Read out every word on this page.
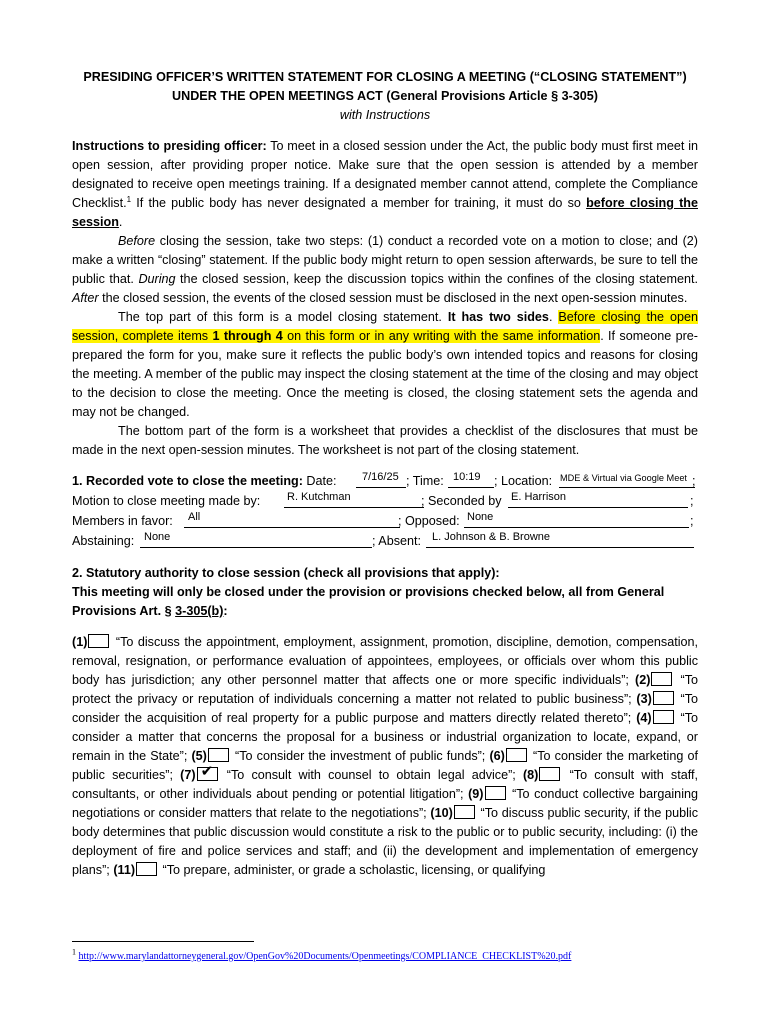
PRESIDING OFFICER’S WRITTEN STATEMENT FOR CLOSING A MEETING (“CLOSING STATEMENT”)
UNDER THE OPEN MEETINGS ACT (General Provisions Article § 3-305)
with Instructions
Instructions to presiding officer: To meet in a closed session under the Act, the public body must first meet in open session, after providing proper notice. Make sure that the open session is attended by a member designated to receive open meetings training. If a designated member cannot attend, complete the Compliance Checklist.$^1$ If the public body has never designated a member for training, it must do so before closing the session.
Before closing the session, take two steps: (1) conduct a recorded vote on a motion to close; and (2) make a written “closing” statement. If the public body might return to open session afterwards, be sure to tell the public that. During the closed session, keep the discussion topics within the confines of the closing statement. After the closed session, the events of the closed session must be disclosed in the next open-session minutes.
The top part of this form is a model closing statement. It has two sides. Before closing the open session, complete items 1 through 4 on this form or in any writing with the same information. If someone pre-prepared the form for you, make sure it reflects the public body’s own intended topics and reasons for closing the meeting. A member of the public may inspect the closing statement at the time of the closing and may object to the decision to close the meeting. Once the meeting is closed, the closing statement sets the agenda and may not be changed.
The bottom part of the form is a worksheet that provides a checklist of the disclosures that must be made in the next open-session minutes. The worksheet is not part of the closing statement.
1. Recorded vote to close the meeting: Date: 7/16/25 ; Time: 10:19 ; Location: MDE & Virtual via Google Meet ;
Motion to close meeting made by: R. Kutchman	; Seconded by E. Harrison	;
Members in favor: All	; Opposed: None	;
Abstaining: None	; Absent: L. Johnson & B. Browne
2. Statutory authority to close session (check all provisions that apply):
This meeting will only be closed under the provision or provisions checked below, all from General Provisions Art. § 3-305(b):
(1) “To discuss the appointment, employment, assignment, promotion, discipline, demotion, compensation, removal, resignation, or performance evaluation of appointees, employees, or officials over whom this public body has jurisdiction; any other personnel matter that affects one or more specific individuals”; (2) “To protect the privacy or reputation of individuals concerning a matter not related to public business”; (3) “To consider the acquisition of real property for a public purpose and matters directly related thereto”; (4) “To consider a matter that concerns the proposal for a business or industrial organization to locate, expand, or remain in the State”; (5) “To consider the investment of public funds”; (6) “To consider the marketing of public securities”; (7)✔ “To consult with counsel to obtain legal advice”; (8) “To consult with staff, consultants, or other individuals about pending or potential litigation”; (9) “To conduct collective bargaining negotiations or consider matters that relate to the negotiations”; (10) “To discuss public security, if the public body determines that public discussion would constitute a risk to the public or to public security, including: (i) the deployment of fire and police services and staff; and (ii) the development and implementation of emergency plans”; (11) “To prepare, administer, or grade a scholastic, licensing, or qualifying
$^1$ http://www.marylandattorneygeneral.gov/OpenGov%20Documents/Openmeetings/COMPLIANCE_CHECKLIST%20.pdf
